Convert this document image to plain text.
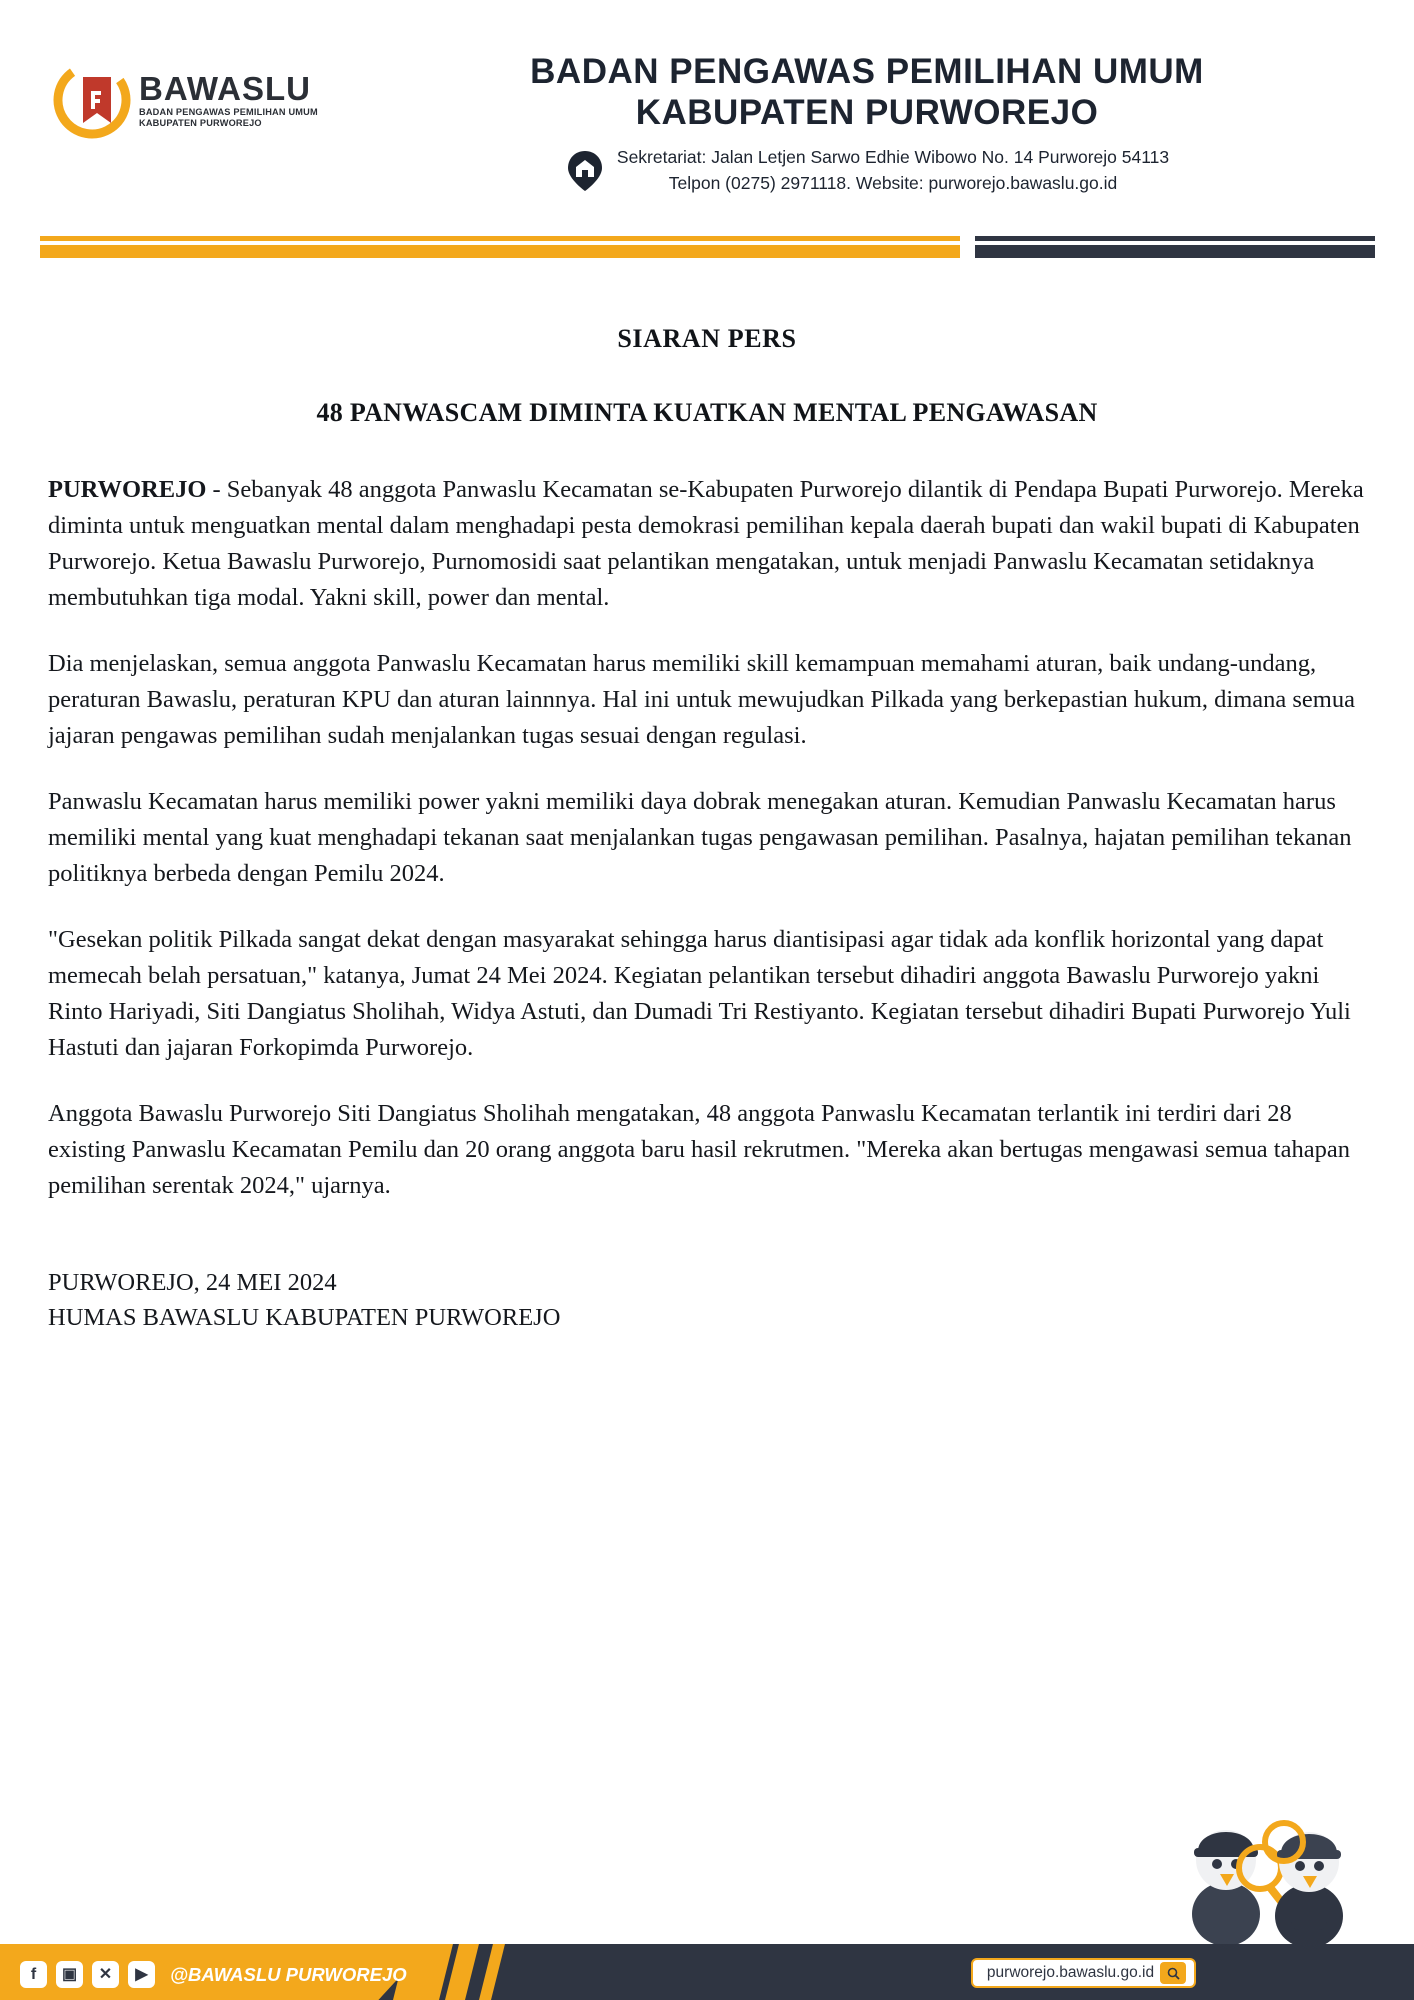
BAWASLU
BADAN PENGAWAS PEMILIHAN UMUM
KABUPATEN PURWOREJO
BADAN PENGAWAS PEMILIHAN UMUM
KABUPATEN PURWOREJO
Sekretariat: Jalan Letjen Sarwo Edhie Wibowo No. 14 Purworejo 54113
Telpon (0275) 2971118. Website: purworejo.bawaslu.go.id
SIARAN PERS
48 PANWASCAM DIMINTA KUATKAN MENTAL PENGAWASAN

PURWOREJO - Sebanyak 48 anggota Panwaslu Kecamatan se-Kabupaten Purworejo dilantik di Pendapa Bupati Purworejo. Mereka diminta untuk menguatkan mental dalam menghadapi pesta demokrasi pemilihan kepala daerah bupati dan wakil bupati di Kabupaten Purworejo. Ketua Bawaslu Purworejo, Purnomosidi saat pelantikan mengatakan, untuk menjadi Panwaslu Kecamatan setidaknya membutuhkan tiga modal. Yakni skill, power dan mental.

Dia menjelaskan, semua anggota Panwaslu Kecamatan harus memiliki skill kemampuan memahami aturan, baik undang-undang, peraturan Bawaslu, peraturan KPU dan aturan lainnnya. Hal ini untuk mewujudkan Pilkada yang berkepastian hukum, dimana semua jajaran pengawas pemilihan sudah menjalankan tugas sesuai dengan regulasi.

Panwaslu Kecamatan harus memiliki power yakni memiliki daya dobrak menegakan aturan. Kemudian Panwaslu Kecamatan harus memiliki mental yang kuat menghadapi tekanan saat menjalankan tugas pengawasan pemilihan. Pasalnya, hajatan pemilihan tekanan politiknya berbeda dengan Pemilu 2024.

"Gesekan politik Pilkada sangat dekat dengan masyarakat sehingga harus diantisipasi agar tidak ada konflik horizontal yang dapat memecah belah persatuan," katanya, Jumat 24 Mei 2024. Kegiatan pelantikan tersebut dihadiri anggota Bawaslu Purworejo yakni Rinto Hariyadi, Siti Dangiatus Sholihah, Widya Astuti, dan Dumadi Tri Restiyanto. Kegiatan tersebut dihadiri Bupati Purworejo Yuli Hastuti dan jajaran Forkopimda Purworejo.

Anggota Bawaslu Purworejo Siti Dangiatus Sholihah mengatakan, 48 anggota Panwaslu Kecamatan terlantik ini terdiri dari 28 existing Panwaslu Kecamatan Pemilu dan 20 orang anggota baru hasil rekrutmen. "Mereka akan bertugas mengawasi semua tahapan pemilihan serentak 2024," ujarnya.

PURWOREJO, 24 MEI 2024
HUMAS BAWASLU KABUPATEN PURWOREJO
f	▣	✕	▶	@BAWASLU PURWOREJO	purworejo.bawaslu.go.id
